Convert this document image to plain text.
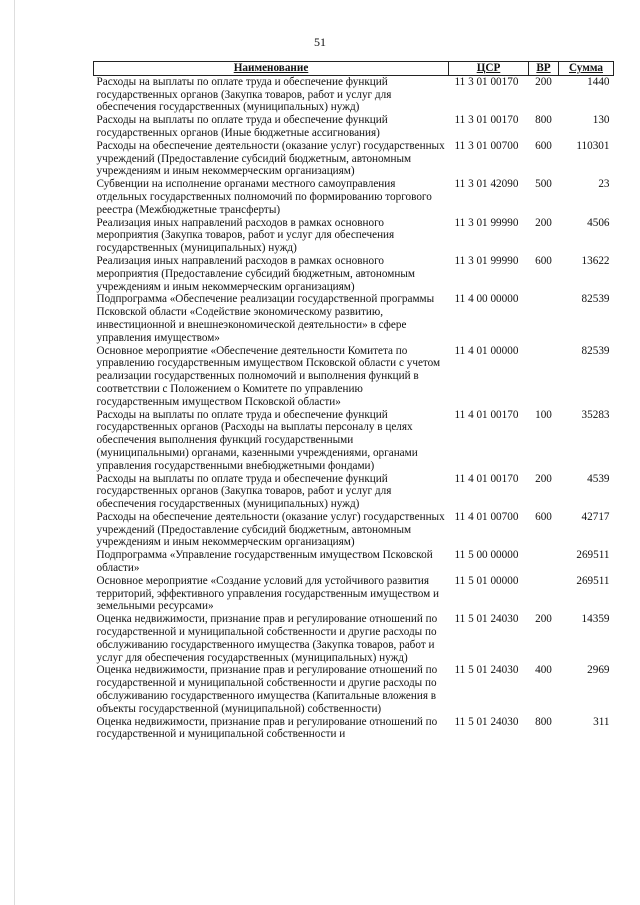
51
Наименование	ЦСР	ВР	Сумма
Расходы на выплаты по оплате труда и обеспечение функций государственных органов (Закупка товаров, работ и услуг для обеспечения государственных (муниципальных) нужд)	11 3 01 00170	200	1440
Расходы на выплаты по оплате труда и обеспечение функций государственных органов (Иные бюджетные ассигнования)	11 3 01 00170	800	130
Расходы на обеспечение деятельности (оказание услуг) государственных учреждений (Предоставление субсидий бюджетным, автономным учреждениям и иным некоммерческим организациям)	11 3 01 00700	600	110301
Субвенции на исполнение органами местного самоуправления отдельных государственных полномочий по формированию торгового реестра (Межбюджетные трансферты)	11 3 01 42090	500	23
Реализация иных направлений расходов в рамках основного мероприятия (Закупка товаров, работ и услуг для обеспечения государственных (муниципальных) нужд)	11 3 01 99990	200	4506
Реализация иных направлений расходов в рамках основного мероприятия (Предоставление субсидий бюджетным, автономным учреждениям и иным некоммерческим организациям)	11 3 01 99990	600	13622
Подпрограмма «Обеспечение реализации государственной программы Псковской области «Содействие экономическому развитию, инвестиционной и внешнеэкономической деятельности» в сфере управления имуществом»	11 4 00 00000		82539
Основное мероприятие «Обеспечение деятельности Комитета по управлению государственным имуществом Псковской области с учетом реализации государственных полномочий и выполнения функций в соответствии с Положением о Комитете по управлению государственным имуществом Псковской области»	11 4 01 00000		82539
Расходы на выплаты по оплате труда и обеспечение функций государственных органов (Расходы на выплаты персоналу в целях обеспечения выполнения функций государственными (муниципальными) органами, казенными учреждениями, органами управления государственными внебюджетными фондами)	11 4 01 00170	100	35283
Расходы на выплаты по оплате труда и обеспечение функций государственных органов (Закупка товаров, работ и услуг для обеспечения государственных (муниципальных) нужд)	11 4 01 00170	200	4539
Расходы на обеспечение деятельности (оказание услуг) государственных учреждений (Предоставление субсидий бюджетным, автономным учреждениям и иным некоммерческим организациям)	11 4 01 00700	600	42717
Подпрограмма «Управление государственным имуществом Псковской области»	11 5 00 00000		269511
Основное мероприятие «Создание условий для устойчивого развития территорий, эффективного управления государственным имуществом и земельными ресурсами»	11 5 01 00000		269511
Оценка недвижимости, признание прав и регулирование отношений по государственной и муниципальной собственности и другие расходы по обслуживанию государственного имущества (Закупка товаров, работ и услуг для обеспечения государственных (муниципальных) нужд)	11 5 01 24030	200	14359
Оценка недвижимости, признание прав и регулирование отношений по государственной и муниципальной собственности и другие расходы по обслуживанию государственного имущества (Капитальные вложения в объекты государственной (муниципальной) собственности)	11 5 01 24030	400	2969
Оценка недвижимости, признание прав и регулирование отношений по государственной и муниципальной собственности и	11 5 01 24030	800	311
